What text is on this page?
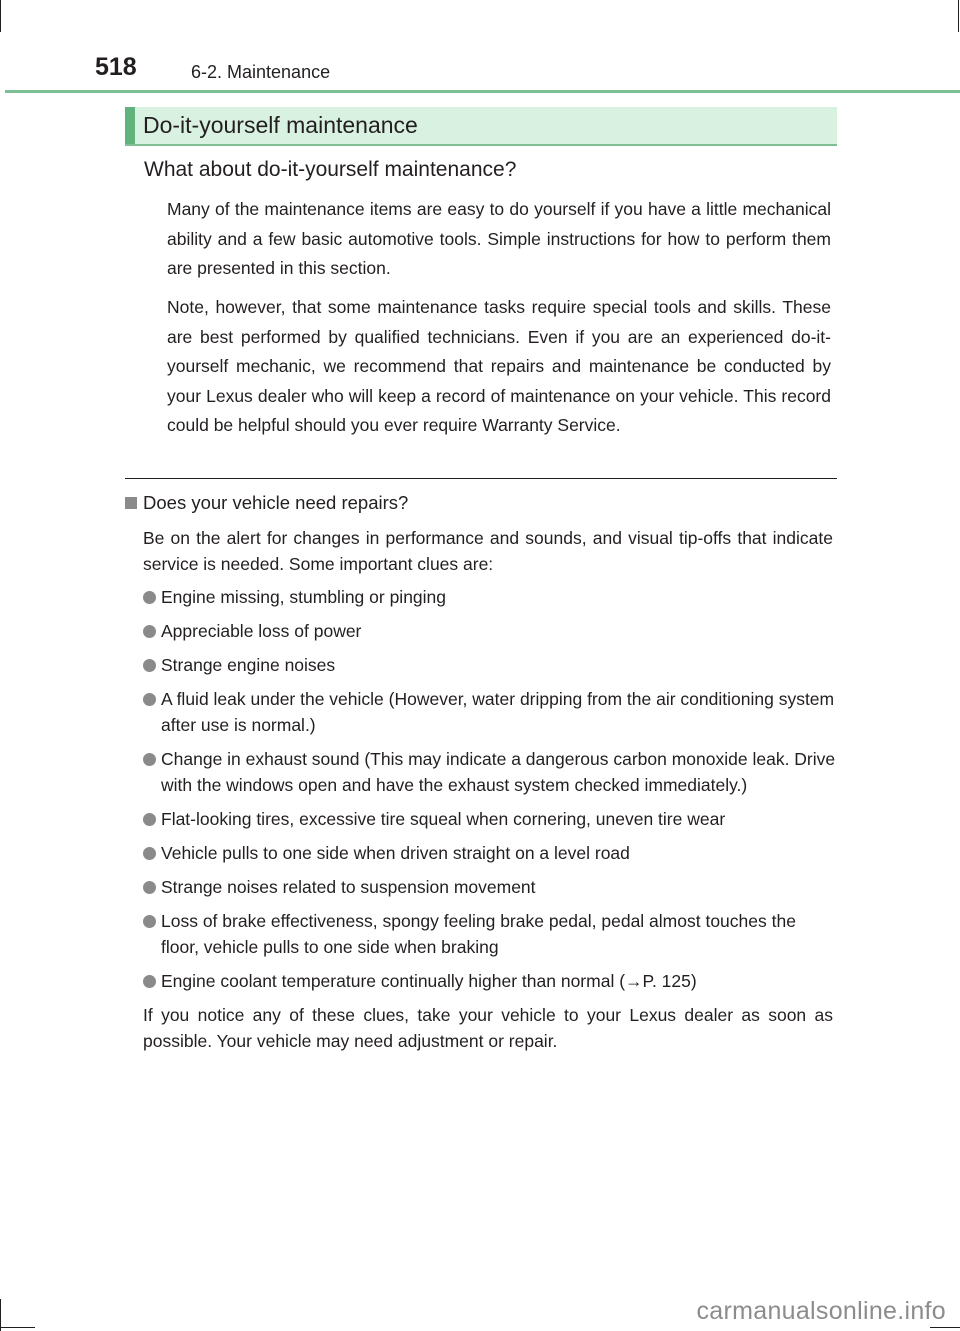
518	6-2. Maintenance
Do-it-yourself maintenance
What about do-it-yourself maintenance?

Many of the maintenance items are easy to do yourself if you have a little mechanical ability and a few basic automotive tools. Simple instructions for how to perform them are presented in this section.

Note, however, that some maintenance tasks require special tools and skills. These are best performed by qualified technicians. Even if you are an experienced do-it-yourself mechanic, we recommend that repairs and maintenance be conducted by your Lexus dealer who will keep a record of maintenance on your vehicle. This record could be helpful should you ever require Warranty Service.

Does your vehicle need repairs?

Be on the alert for changes in performance and sounds, and visual tip-offs that indicate service is needed. Some important clues are:

Engine missing, stumbling or pinging
Appreciable loss of power
Strange engine noises
A fluid leak under the vehicle (However, water dripping from the air conditioning system after use is normal.)
Change in exhaust sound (This may indicate a dangerous carbon monoxide leak. Drive with the windows open and have the exhaust system checked immediately.)
Flat-looking tires, excessive tire squeal when cornering, uneven tire wear
Vehicle pulls to one side when driven straight on a level road
Strange noises related to suspension movement
Loss of brake effectiveness, spongy feeling brake pedal, pedal almost touches the floor, vehicle pulls to one side when braking
Engine coolant temperature continually higher than normal (→P. 125)

If you notice any of these clues, take your vehicle to your Lexus dealer as soon as possible. Your vehicle may need adjustment or repair.

carmanualsonline.info
